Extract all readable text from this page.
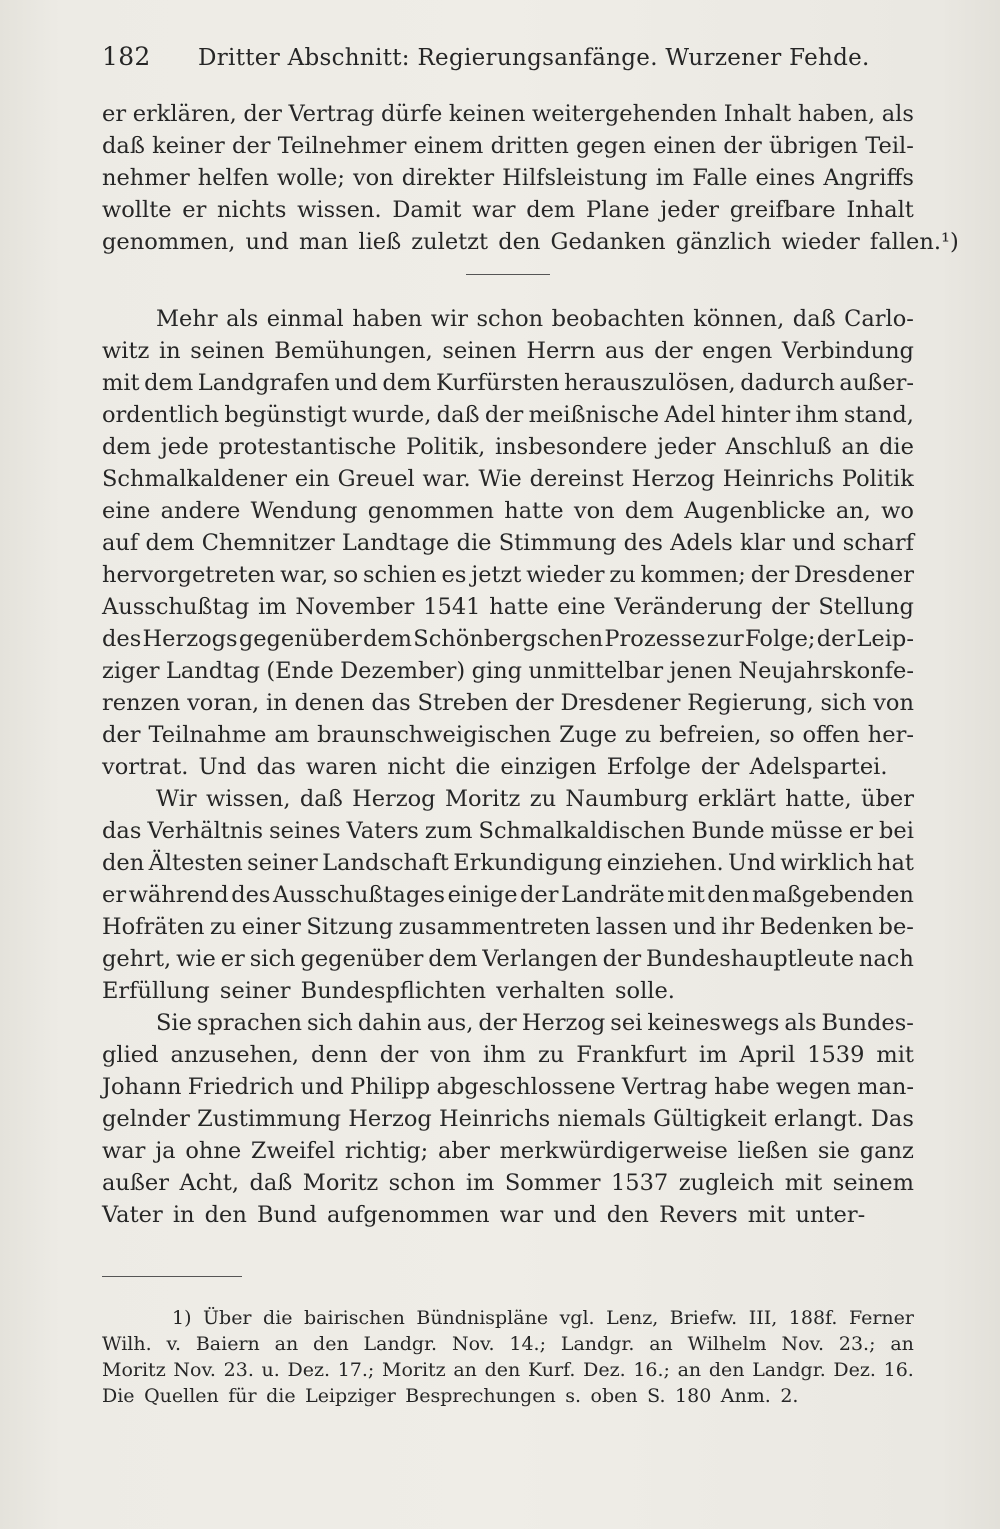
182	Dritter Abschnitt: Regierungsanfänge. Wurzener Fehde.
er erklären, der Vertrag dürfe keinen weitergehenden Inhalt haben, als
daß keiner der Teilnehmer einem dritten gegen einen der übrigen Teil-
nehmer helfen wolle; von direkter Hilfsleistung im Falle eines Angriffs
wollte er nichts wissen. Damit war dem Plane jeder greifbare Inhalt
genommen, und man ließ zuletzt den Gedanken gänzlich wieder fallen.¹)
Mehr als einmal haben wir schon beobachten können, daß Carlo-
witz in seinen Bemühungen, seinen Herrn aus der engen Verbindung
mit dem Landgrafen und dem Kurfürsten herauszulösen, dadurch außer-
ordentlich begünstigt wurde, daß der meißnische Adel hinter ihm stand,
dem jede protestantische Politik, insbesondere jeder Anschluß an die
Schmalkaldener ein Greuel war. Wie dereinst Herzog Heinrichs Politik
eine andere Wendung genommen hatte von dem Augenblicke an, wo
auf dem Chemnitzer Landtage die Stimmung des Adels klar und scharf
hervorgetreten war, so schien es jetzt wieder zu kommen; der Dresdener
Ausschußtag im November 1541 hatte eine Veränderung der Stellung
des Herzogs gegenüber dem Schönbergschen Prozesse zur Folge; der Leip-
ziger Landtag (Ende Dezember) ging unmittelbar jenen Neujahrskonfe-
renzen voran, in denen das Streben der Dresdener Regierung, sich von
der Teilnahme am braunschweigischen Zuge zu befreien, so offen her-
vortrat. Und das waren nicht die einzigen Erfolge der Adelspartei.
Wir wissen, daß Herzog Moritz zu Naumburg erklärt hatte, über
das Verhältnis seines Vaters zum Schmalkaldischen Bunde müsse er bei
den Ältesten seiner Landschaft Erkundigung einziehen. Und wirklich hat
er während des Ausschußtages einige der Landräte mit den maßgebenden
Hofräten zu einer Sitzung zusammentreten lassen und ihr Bedenken be-
gehrt, wie er sich gegenüber dem Verlangen der Bundeshauptleute nach
Erfüllung seiner Bundespflichten verhalten solle.
Sie sprachen sich dahin aus, der Herzog sei keineswegs als Bundes-
glied anzusehen, denn der von ihm zu Frankfurt im April 1539 mit
Johann Friedrich und Philipp abgeschlossene Vertrag habe wegen man-
gelnder Zustimmung Herzog Heinrichs niemals Gültigkeit erlangt. Das
war ja ohne Zweifel richtig; aber merkwürdigerweise ließen sie ganz
außer Acht, daß Moritz schon im Sommer 1537 zugleich mit seinem
Vater in den Bund aufgenommen war und den Revers mit unter-
1) Über die bairischen Bündnispläne vgl. Lenz, Briefw. III, 188f. Ferner
Wilh. v. Baiern an den Landgr. Nov. 14.; Landgr. an Wilhelm Nov. 23.; an
Moritz Nov. 23. u. Dez. 17.; Moritz an den Kurf. Dez. 16.; an den Landgr. Dez. 16.
Die Quellen für die Leipziger Besprechungen s. oben S. 180 Anm. 2.
